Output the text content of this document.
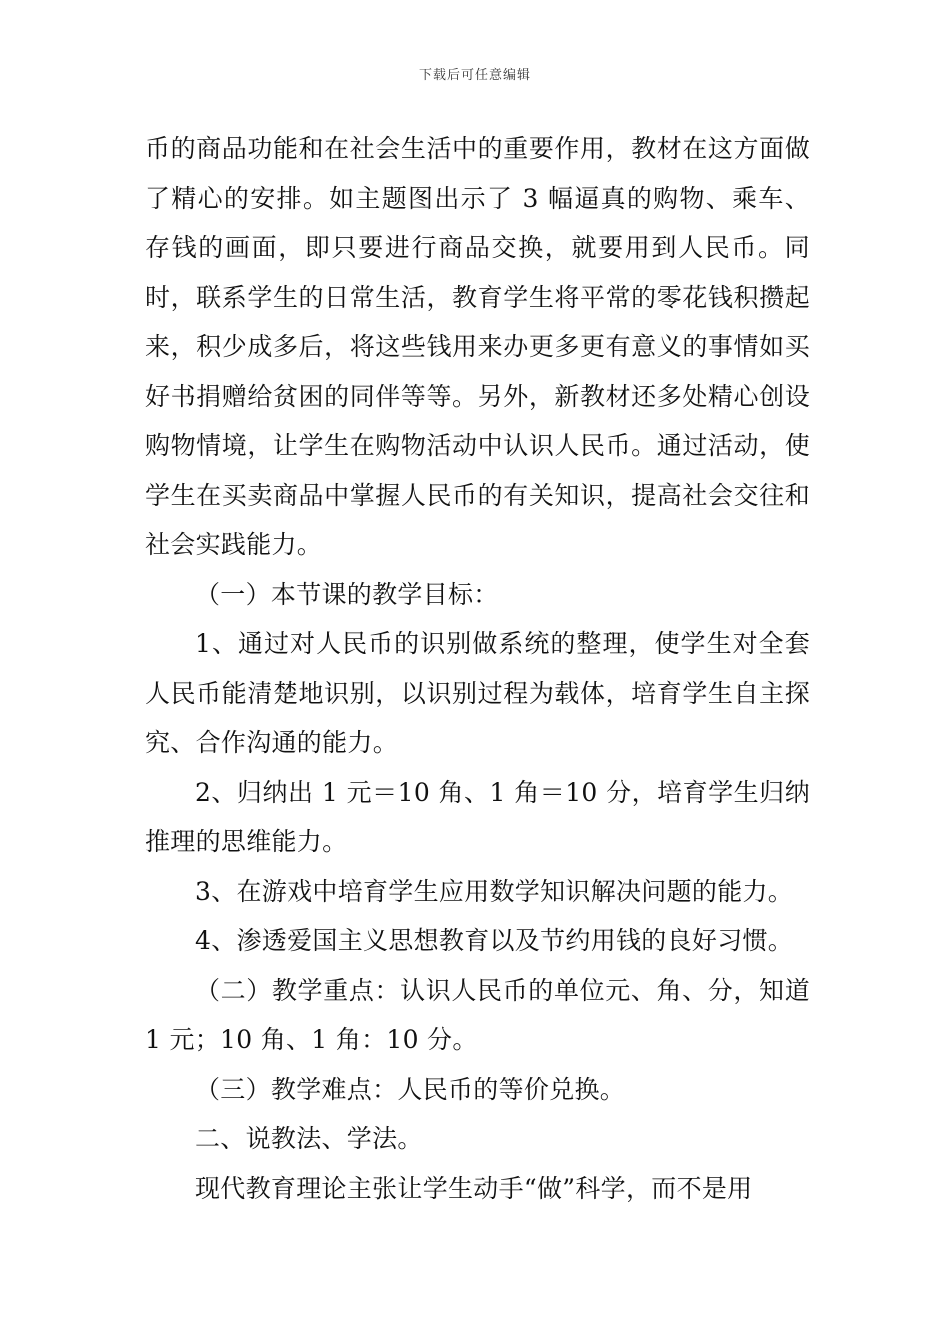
下载后可任意编辑

币的商品功能和在社会生活中的重要作用，教材在这方面做了精心的安排。如主题图出示了 3 幅逼真的购物、乘车、存钱的画面，即只要进行商品交换，就要用到人民币。同时，联系学生的日常生活，教育学生将平常的零花钱积攒起来，积少成多后，将这些钱用来办更多更有意义的事情如买好书捐赠给贫困的同伴等等。另外，新教材还多处精心创设购物情境，让学生在购物活动中认识人民币。通过活动，使学生在买卖商品中掌握人民币的有关知识，提高社会交往和社会实践能力。

（一）本节课的教学目标：

1、通过对人民币的识别做系统的整理，使学生对全套人民币能清楚地识别，以识别过程为载体，培育学生自主探究、合作沟通的能力。

2、归纳出 1 元＝10 角、1 角＝10 分，培育学生归纳推理的思维能力。

3、在游戏中培育学生应用数学知识解决问题的能力。

4、渗透爱国主义思想教育以及节约用钱的良好习惯。

（二）教学重点：认识人民币的单位元、角、分，知道 1 元；10 角、1 角：10 分。

（三）教学难点：人民币的等价兑换。

二、说教法、学法。

现代教育理论主张让学生动手“做”科学，而不是用
